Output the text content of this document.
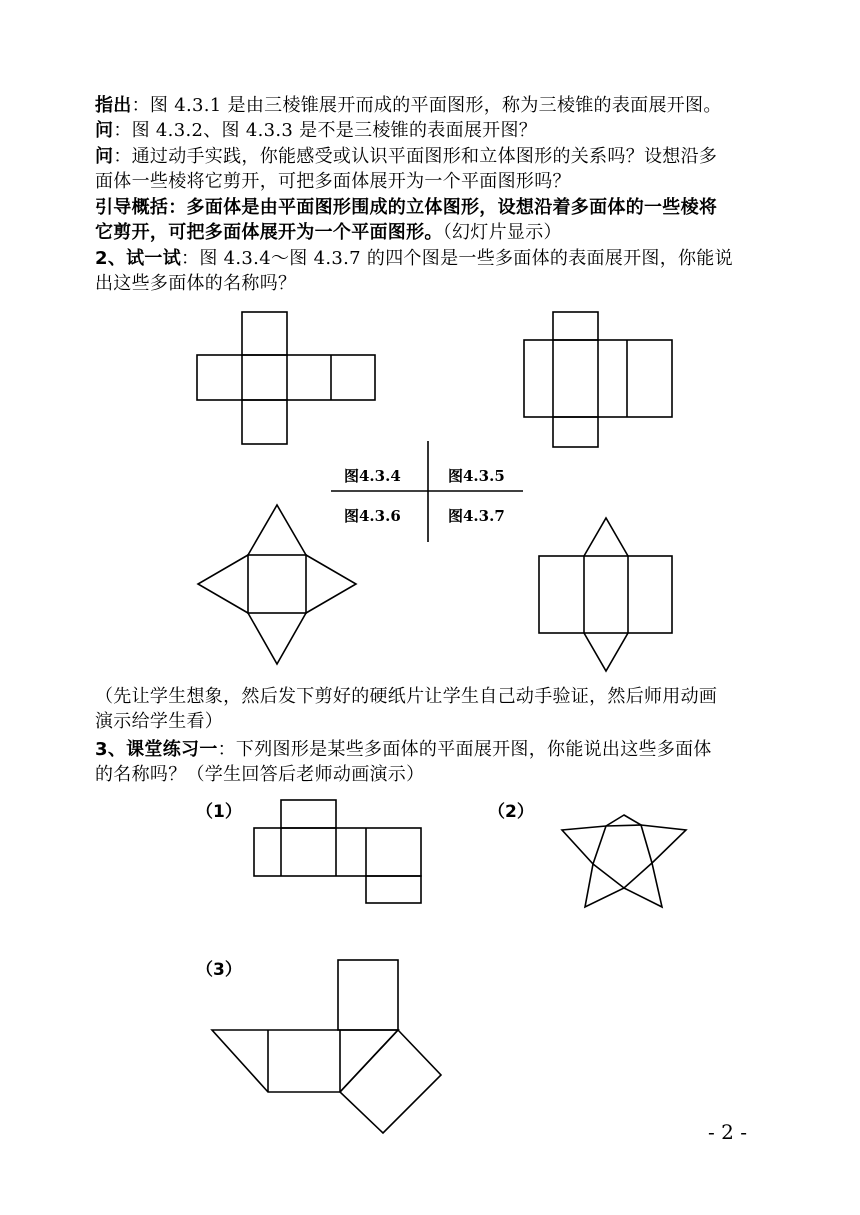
指出：图 4.3.1 是由三棱锥展开而成的平面图形，称为三棱锥的表面展开图。
问：图 4.3.2、图 4.3.3 是不是三棱锥的表面展开图？
问：通过动手实践，你能感受或认识平面图形和立体图形的关系吗？设想沿多
面体一些棱将它剪开，可把多面体展开为一个平面图形吗？
引导概括：多面体是由平面图形围成的立体图形，设想沿着多面体的一些棱将
它剪开，可把多面体展开为一个平面图形。（幻灯片显示）
2、试一试：图 4.3.4～图 4.3.7 的四个图是一些多面体的表面展开图，你能说
出这些多面体的名称吗？
图4.3.4	图4.3.5
图4.3.6	图4.3.7
（先让学生想象，然后发下剪好的硬纸片让学生自己动手验证，然后师用动画
演示给学生看）
3、课堂练习一：下列图形是某些多面体的平面展开图，你能说出这些多面体
的名称吗？（学生回答后老师动画演示）
（1）	（2）
（3）
- 2 -
